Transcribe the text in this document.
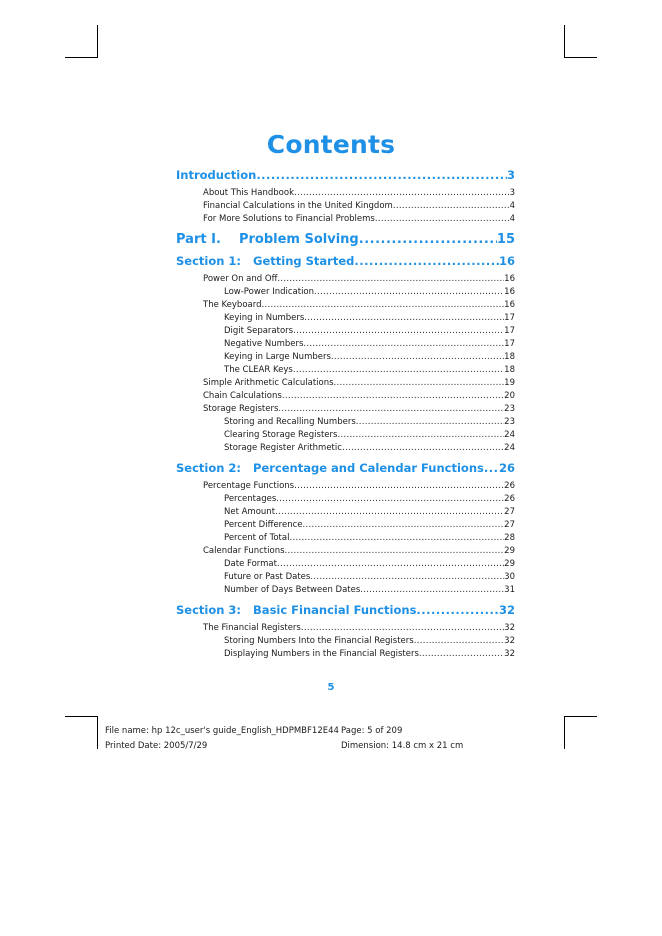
Contents
Introduction .....	3
About This Handbook .....	3
Financial Calculations in the United Kingdom .....	4
For More Solutions to Financial Problems .....	4
Part I.    Problem Solving .....	15
Section 1:   Getting Started .....	16
Power On and Off .....	16
Low-Power Indication .....	16
The Keyboard .....	16
Keying in Numbers .....	17
Digit Separators .....	17
Negative Numbers .....	17
Keying in Large Numbers .....	18
The CLEAR Keys .....	18
Simple Arithmetic Calculations .....	19
Chain Calculations .....	20
Storage Registers .....	23
Storing and Recalling Numbers .....	23
Clearing Storage Registers .....	24
Storage Register Arithmetic .....	24
Section 2:   Percentage and Calendar Functions ..... 26
Percentage Functions .....	26
Percentages .....	26
Net Amount .....	27
Percent Difference .....	27
Percent of Total .....	28
Calendar Functions .....	29
Date Format .....	29
Future or Past Dates .....	30
Number of Days Between Dates .....	31
Section 3:   Basic Financial Functions .....	32
The Financial Registers .....	32
Storing Numbers Into the Financial Registers .....	32
Displaying Numbers in the Financial Registers .....	32
5
File name: hp 12c_user's guide_English_HDPMBF12E44
Printed Date: 2005/7/29
Page: 5 of 209
Dimension: 14.8 cm x 21 cm
